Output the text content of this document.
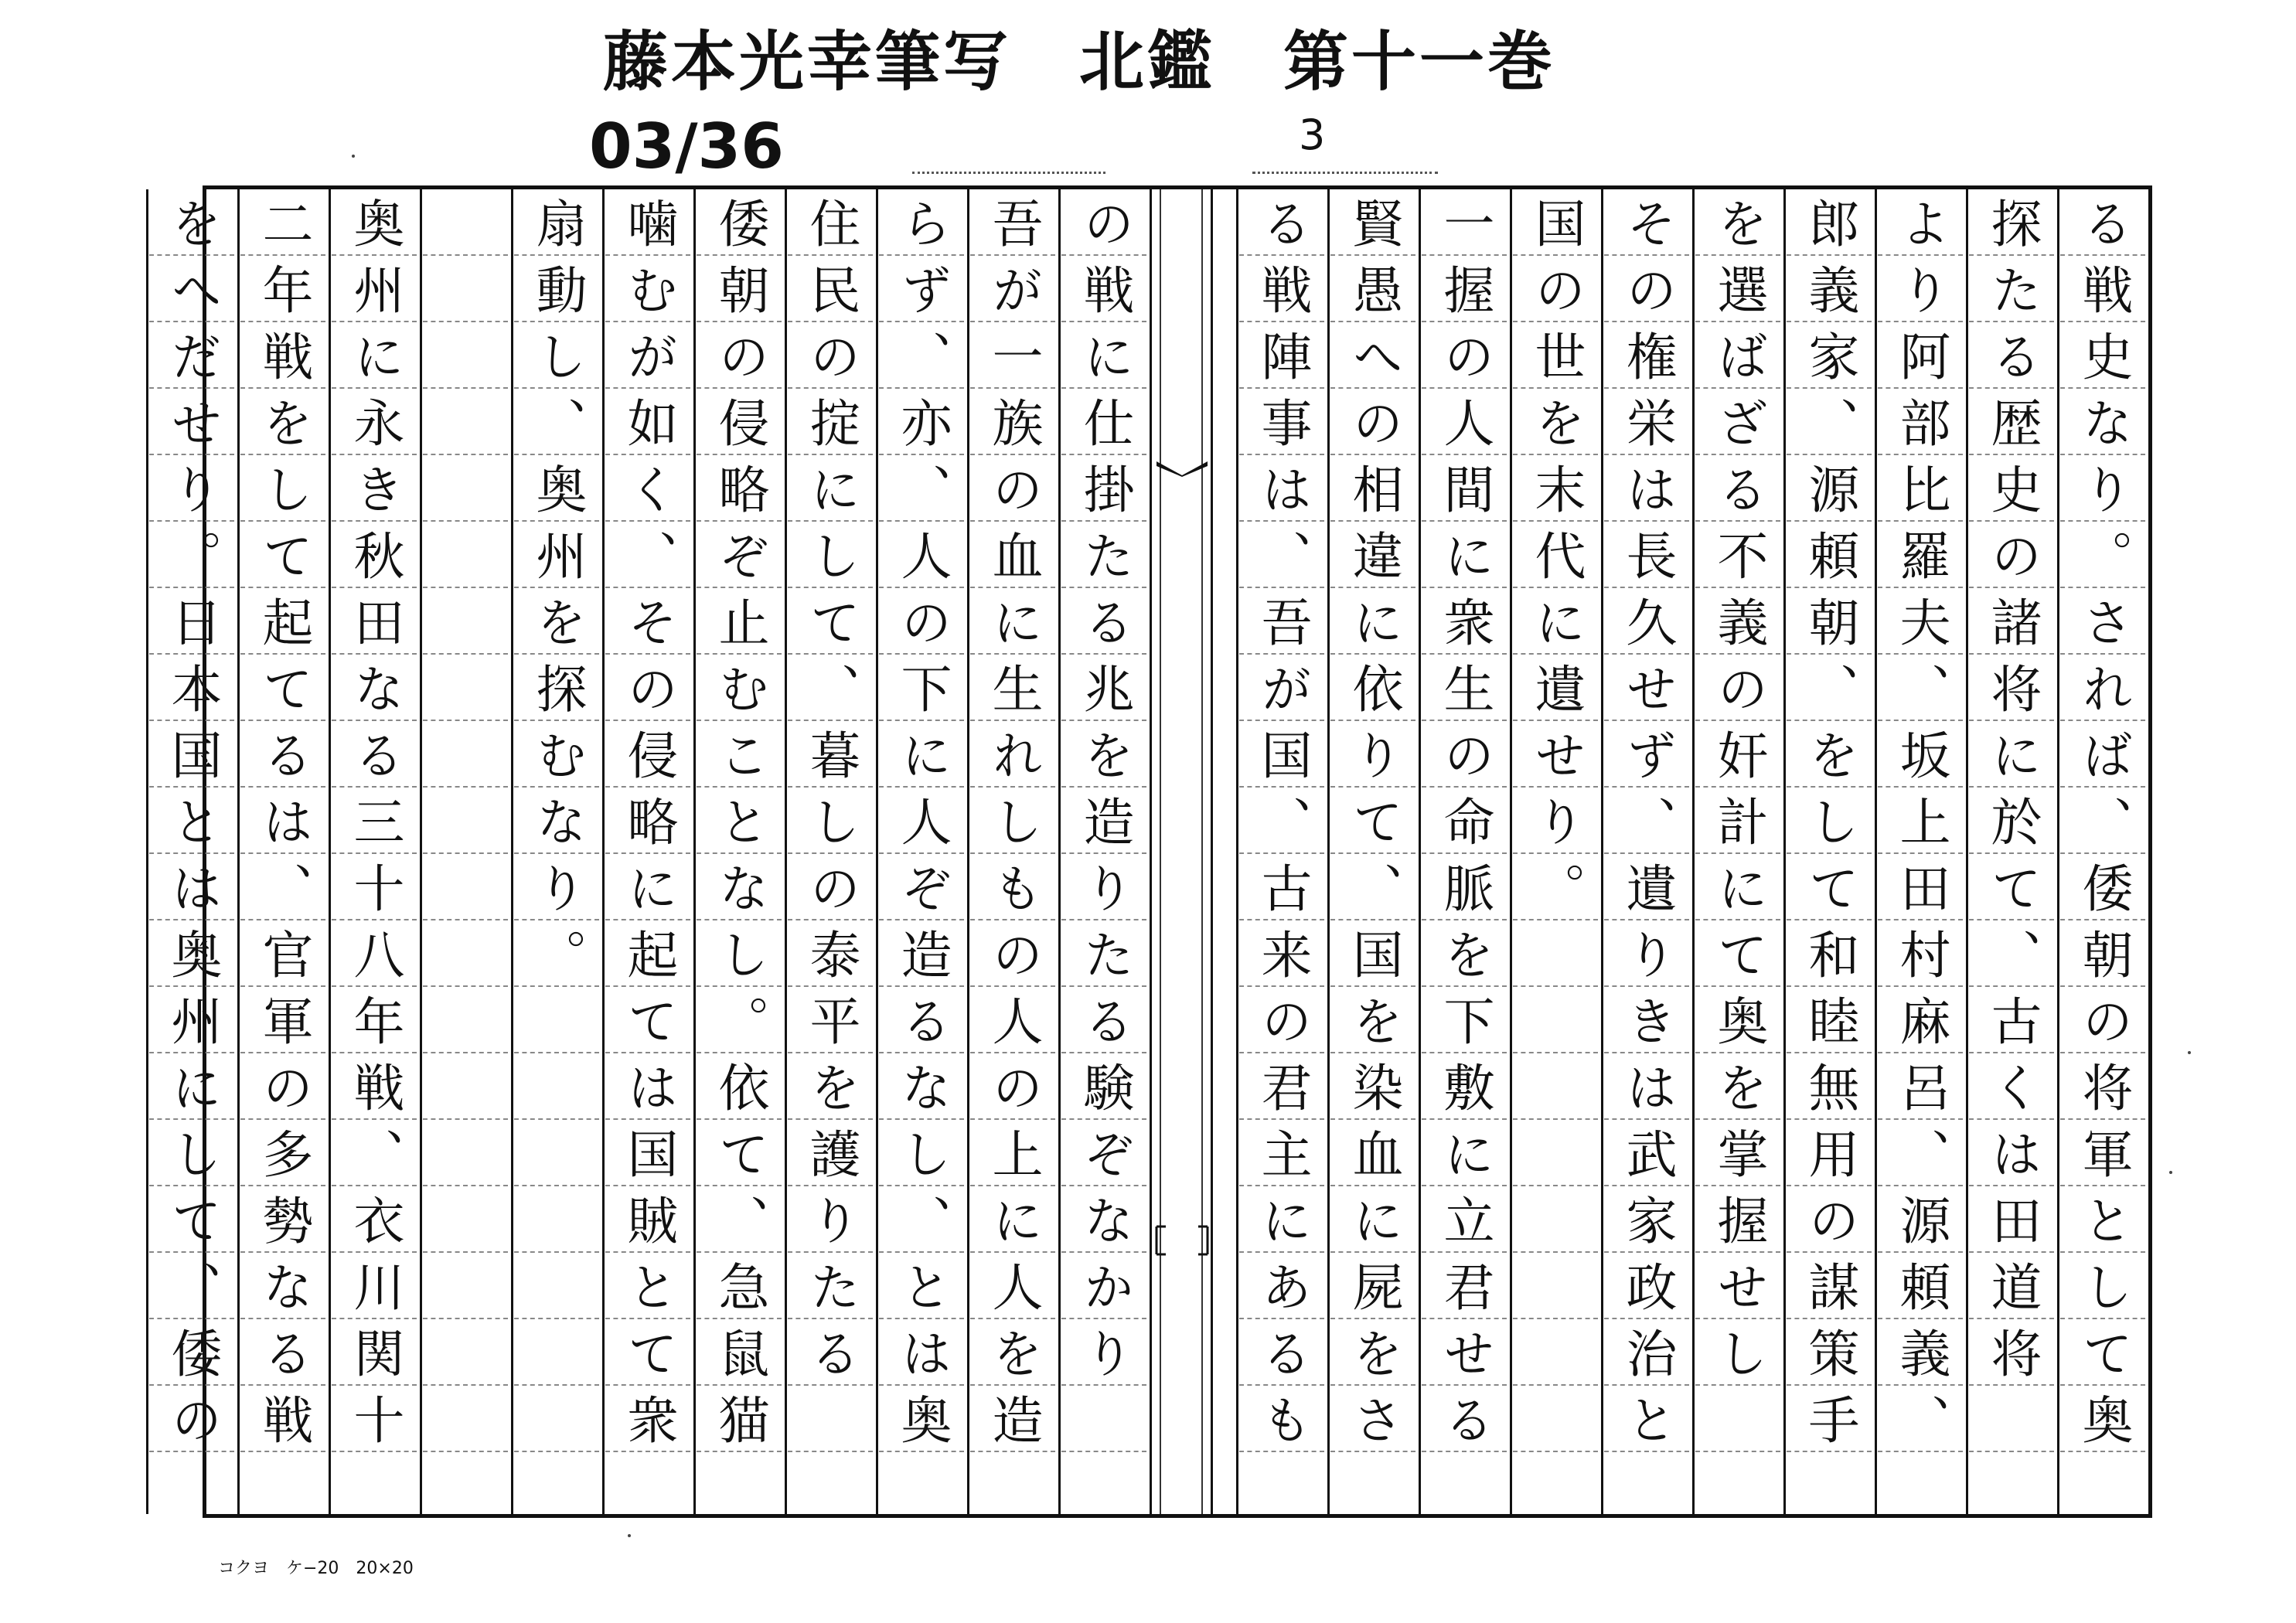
藤本光幸筆写　北鑑　第十一巻
03/36	3
る戦史なり。されば、倭朝の将軍として奥
探たる歴史の諸将に於て、古くは田道将
より阿部比羅夫、坂上田村麻呂、源頼義、
郎義家、源頼朝、をして和睦無用の謀策手
を選ばざる不義の奸計にて奥を掌握せし
その権栄は長久せず、遺りきは武家政治と
国の世を末代に遺せり。
一握の人間に衆生の命脈を下敷に立君せる
賢愚への相違に依りて、国を染血に屍をさ
る戦陣事は、吾が国、古来の君主にあるも
の戦に仕掛たる兆を造りたる験ぞなかり
吾が一族の血に生れしもの人の上に人を造
らず、亦、人の下に人ぞ造るなし、とは奥
住民の掟にして、暮しの泰平を護りたる
倭朝の侵略ぞ止むことなし。依て、急鼠猫
噛むが如く、その侵略に起ては国賊とて衆
扇動し、奥州を探むなり。
奥州に永き秋田なる三十八年戦、衣川関十
二年戦をして起てるは、官軍の多勢なる戦
をへだせり。日本国とは奥州にして、倭の
コクヨ　ケ−20　20×20
